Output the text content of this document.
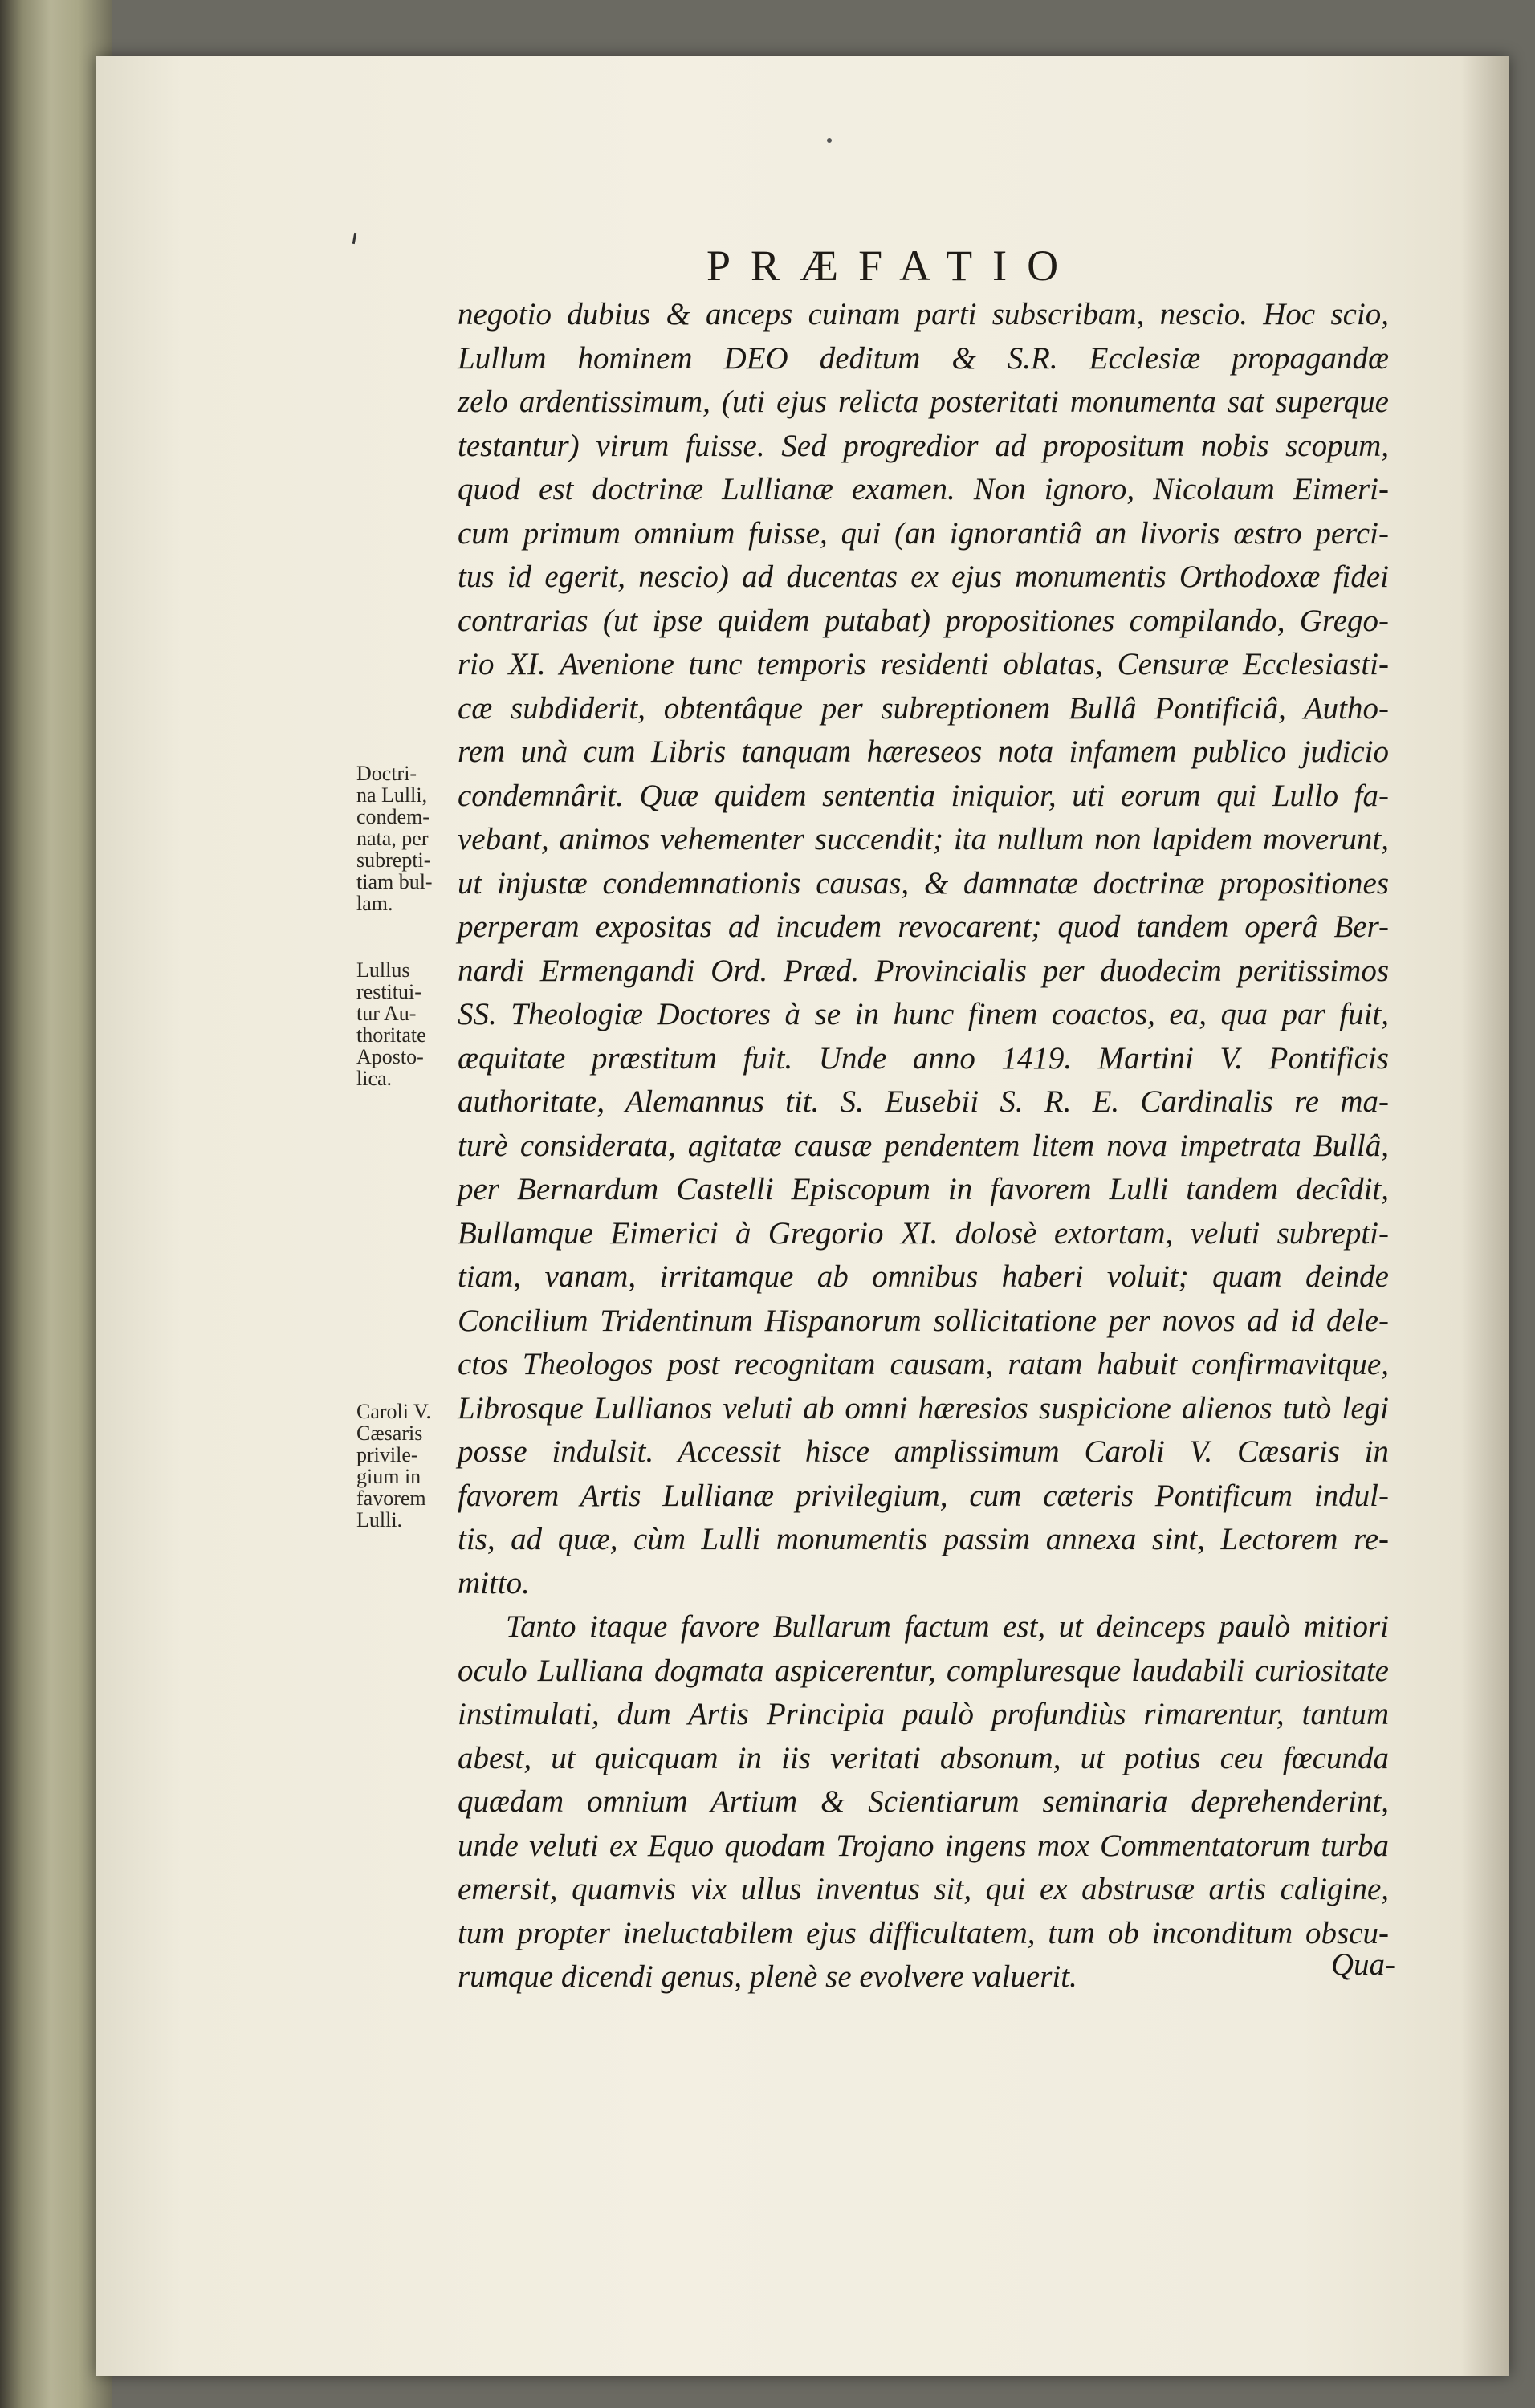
PRÆFATIO
negotio dubius & anceps cuinam parti subscribam, nescio. Hoc scio,
Lullum hominem DEO deditum & S.R. Ecclesiæ propagandæ
zelo ardentissimum, (uti ejus relicta posteritati monumenta sat superque
testantur) virum fuisse. Sed progredior ad propositum nobis scopum,
quod est doctrinæ Lullianæ examen. Non ignoro, Nicolaum Eimeri-
cum primum omnium fuisse, qui (an ignorantiâ an livoris œstro perci-
tus id egerit, nescio) ad ducentas ex ejus monumentis Orthodoxæ fidei
contrarias (ut ipse quidem putabat) propositiones compilando, Grego-
rio XI. Avenione tunc temporis residenti oblatas, Censuræ Ecclesiasti-
cæ subdiderit, obtentâque per subreptionem Bullâ Pontificiâ, Autho-
rem unà cum Libris tanquam hæreseos nota infamem publico judicio
condemnârit. Quæ quidem sententia iniquior, uti eorum qui Lullo fa-
vebant, animos vehementer succendit; ita nullum non lapidem moverunt,
ut injustæ condemnationis causas, & damnatæ doctrinæ propositiones
perperam expositas ad incudem revocarent; quod tandem operâ Ber-
nardi Ermengandi Ord. Præd. Provincialis per duodecim peritissimos
SS. Theologiæ Doctores à se in hunc finem coactos, ea, qua par fuit,
æquitate præstitum fuit. Unde anno 1419. Martini V. Pontificis
authoritate, Alemannus tit. S. Eusebii S. R. E. Cardinalis re ma-
turè considerata, agitatæ causæ pendentem litem nova impetrata Bullâ,
per Bernardum Castelli Episcopum in favorem Lulli tandem decîdit,
Bullamque Eimerici à Gregorio XI. dolosè extortam, veluti subrepti-
tiam, vanam, irritamque ab omnibus haberi voluit; quam deinde
Concilium Tridentinum Hispanorum sollicitatione per novos ad id dele-
ctos Theologos post recognitam causam, ratam habuit confirmavitque,
Librosque Lullianos veluti ab omni hæresios suspicione alienos tutò legi
posse indulsit. Accessit hisce amplissimum Caroli V. Cæsaris in
favorem Artis Lullianæ privilegium, cum cæteris Pontificum indul-
tis, ad quæ, cùm Lulli monumentis passim annexa sint, Lectorem re-
mitto.
Tanto itaque favore Bullarum factum est, ut deinceps paulò mitiori
oculo Lulliana dogmata aspicerentur, compluresque laudabili curiositate
instimulati, dum Artis Principia paulò profundiùs rimarentur, tantum
abest, ut quicquam in iis veritati absonum, ut potius ceu fœcunda
quædam omnium Artium & Scientiarum seminaria deprehenderint,
unde veluti ex Equo quodam Trojano ingens mox Commentatorum turba
emersit, quamvis vix ullus inventus sit, qui ex abstrusæ artis caligine,
tum propter ineluctabilem ejus difficultatem, tum ob inconditum obscu-
rumque dicendi genus, plenè se evolvere valuerit.	Qua-
Doctri-
na Lulli,
condem-
nata, per
subrepti-
tiam bul-
lam.
Lullus
restitui-
tur Au-
thoritate
Aposto-
lica.
Caroli V.
Cæsaris
privile-
gium in
favorem
Lulli.
